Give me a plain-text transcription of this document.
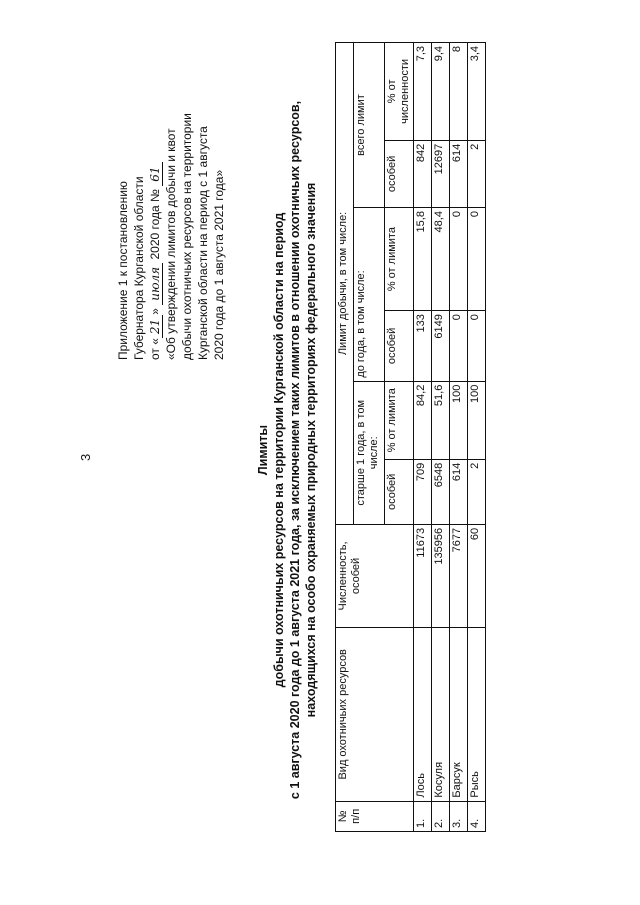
3

Приложение 1 к постановлению Губернатора Курганской области от «21» июля 2020 года № 61 «Об утверждении лимитов добычи и квот добычи охотничьих ресурсов на территории Курганской области на период с 1 августа 2020 года до 1 августа 2021 года»

Лимиты добычи охотничьих ресурсов на территории Курганской области на период с 1 августа 2020 года до 1 августа 2021 года, за исключением таких лимитов в отношении охотничьих ресурсов, находящихся на особо охраняемых природных территориях федерального значения

№ п/п	Вид охотничьих ресурсов	Численность, особей	Лимит добычи, в том числе:					
			старше 1 года, в том числе:		до года, в том числе:		всего лимит	
			особей	% от лимита	особей	% от лимита	особей	% от численности
1.	Лось	11673	709	84,2	133	15,8	842	7,3
2.	Косуля	135956	6548	51,6	6149	48,4	12697	9,4
3.	Барсук	7677	614	100	0	0	614	8
4.	Рысь	60	2	100	0	0	2	3,4
